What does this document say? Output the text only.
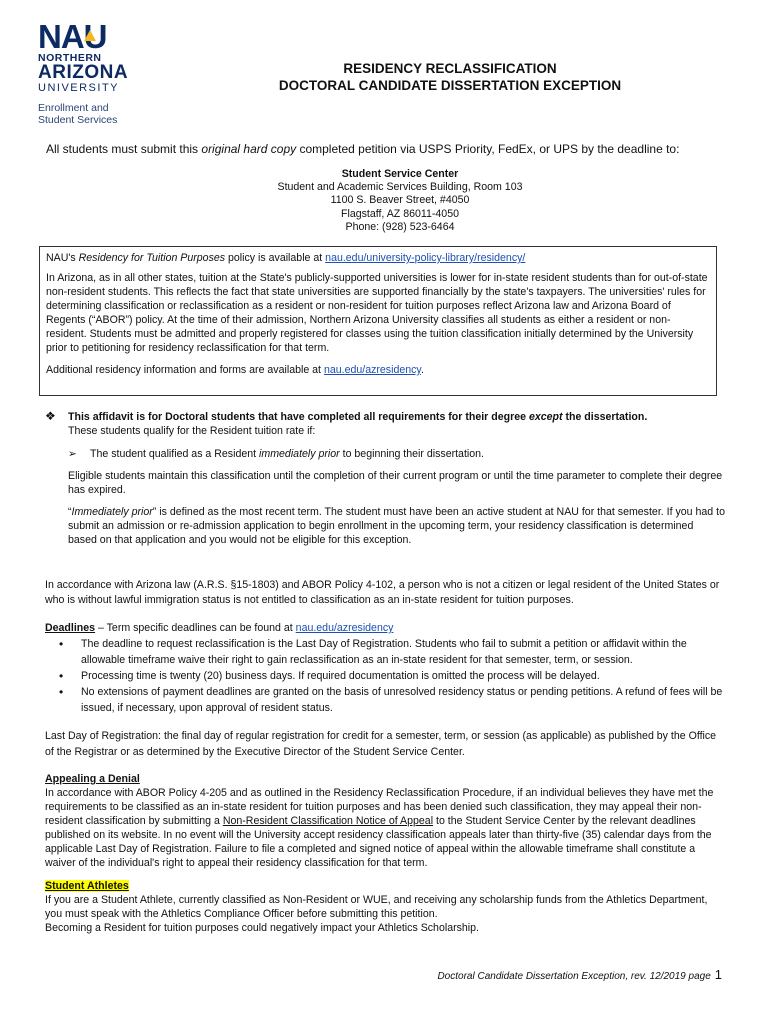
NAU
NORTHERN
ARIZONA
UNIVERSITY
Enrollment and
Student Services
RESIDENCY RECLASSIFICATION
DOCTORAL CANDIDATE DISSERTATION EXCEPTION
All students must submit this original hard copy completed petition via USPS Priority, FedEx, or UPS by the deadline to:
Student Service Center
Student and Academic Services Building, Room 103
1100 S. Beaver Street, #4050
Flagstaff, AZ 86011-4050
Phone: (928) 523-6464

NAU's Residency for Tuition Purposes policy is available at nau.edu/university-policy-library/residency/

In Arizona, as in all other states, tuition at the State's publicly-supported universities is lower for in-state resident students than for out-of-state non-resident students. This reflects the fact that state universities are supported financially by the state's taxpayers. The universities' rules for determining classification or reclassification as a resident or non-resident for tuition purposes reflect Arizona law and Arizona Board of Regents (“ABOR”) policy. At the time of their admission, Northern Arizona University classifies all students as either a resident or non-resident. Students must be admitted and properly registered for classes using the tuition classification initially determined by the University prior to petitioning for residency reclassification for that term.

Additional residency information and forms are available at nau.edu/azresidency.

❖ This affidavit is for Doctoral students that have completed all requirements for their degree except the dissertation.
These students qualify for the Resident tuition rate if:
➢ The student qualified as a Resident immediately prior to beginning their dissertation.

Eligible students maintain this classification until the completion of their current program or until the time parameter to complete their degree has expired.

“Immediately prior” is defined as the most recent term. The student must have been an active student at NAU for that semester. If you had to submit an admission or re-admission application to begin enrollment in the upcoming term, your residency classification is determined based on that application and you would not be eligible for this exception.

In accordance with Arizona law (A.R.S. §15-1803) and ABOR Policy 4-102, a person who is not a citizen or legal resident of the United States or who is without lawful immigration status is not entitled to classification as an in-state resident for tuition purposes.

Deadlines – Term specific deadlines can be found at nau.edu/azresidency
• The deadline to request reclassification is the Last Day of Registration. Students who fail to submit a petition or affidavit within the allowable timeframe waive their right to gain reclassification as an in-state resident for that semester, term, or session.
• Processing time is twenty (20) business days. If required documentation is omitted the process will be delayed.
• No extensions of payment deadlines are granted on the basis of unresolved residency status or pending petitions. A refund of fees will be issued, if necessary, upon approval of resident status.

Last Day of Registration: the final day of regular registration for credit for a semester, term, or session (as applicable) as published by the Office of the Registrar or as determined by the Executive Director of the Student Service Center.

Appealing a Denial

In accordance with ABOR Policy 4-205 and as outlined in the Residency Reclassification Procedure, if an individual believes they have met the requirements to be classified as an in-state resident for tuition purposes and has been denied such classification, they may appeal their non-resident classification by submitting a Non-Resident Classification Notice of Appeal to the Student Service Center by the relevant deadlines published on its website. In no event will the University accept residency classification appeals later than thirty-five (35) calendar days from the applicable Last Day of Registration. Failure to file a completed and signed notice of appeal within the allowable timeframe shall constitute a waiver of the individual's right to appeal their residency classification for that term.

Student Athletes

If you are a Student Athlete, currently classified as Non-Resident or WUE, and receiving any scholarship funds from the Athletics Department, you must speak with the Athletics Compliance Officer before submitting this petition.

Becoming a Resident for tuition purposes could negatively impact your Athletics Scholarship.

Doctoral Candidate Dissertation Exception, rev. 12/2019 page 1
